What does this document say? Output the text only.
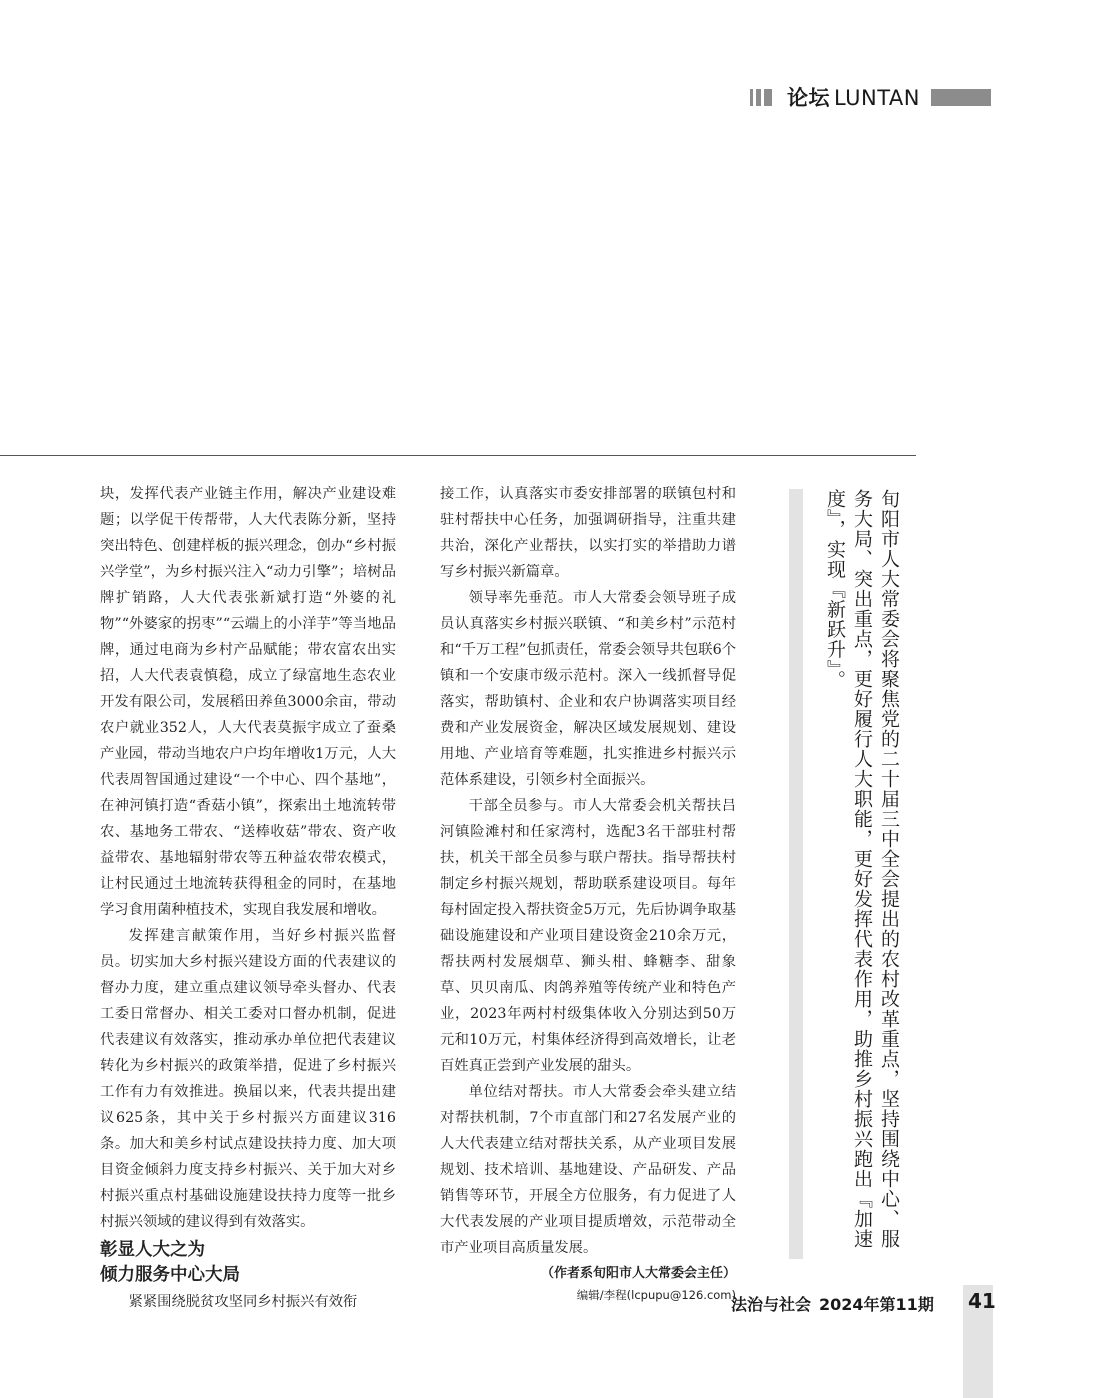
论坛 LUNTAN

块，发挥代表产业链主作用，解决产业建设难题；以学促干传帮带，人大代表陈分新，坚持突出特色、创建样板的振兴理念，创办“乡村振兴学堂”，为乡村振兴注入“动力引擎”；培树品牌扩销路，人大代表张新斌打造“外婆的礼物”“外婆家的拐枣”“云端上的小洋芋”等当地品牌，通过电商为乡村产品赋能；带农富农出实招，人大代表袁慎稳，成立了绿富地生态农业开发有限公司，发展稻田养鱼3000余亩，带动农户就业352人，人大代表莫振宇成立了蚕桑产业园，带动当地农户户均年增收1万元，人大代表周智国通过建设“一个中心、四个基地”，在神河镇打造“香菇小镇”，探索出土地流转带农、基地务工带农、“送棒收菇”带农、资产收益带农、基地辐射带农等五种益农带农模式，让村民通过土地流转获得租金的同时，在基地学习食用菌种植技术，实现自我发展和增收。

发挥建言献策作用，当好乡村振兴监督员。切实加大乡村振兴建设方面的代表建议的督办力度，建立重点建议领导牵头督办、代表工委日常督办、相关工委对口督办机制，促进代表建议有效落实，推动承办单位把代表建议转化为乡村振兴的政策举措，促进了乡村振兴工作有力有效推进。换届以来，代表共提出建议625条，其中关于乡村振兴方面建议316条。加大和美乡村试点建设扶持力度、加大项目资金倾斜力度支持乡村振兴、关于加大对乡村振兴重点村基础设施建设扶持力度等一批乡村振兴领域的建议得到有效落实。

彰显人大之为
倾力服务中心大局

紧紧围绕脱贫攻坚同乡村振兴有效衔

接工作，认真落实市委安排部署的联镇包村和驻村帮扶中心任务，加强调研指导，注重共建共治，深化产业帮扶，以实打实的举措助力谱写乡村振兴新篇章。

领导率先垂范。市人大常委会领导班子成员认真落实乡村振兴联镇、“和美乡村”示范村和“千万工程”包抓责任，常委会领导共包联6个镇和一个安康市级示范村。深入一线抓督导促落实，帮助镇村、企业和农户协调落实项目经费和产业发展资金，解决区域发展规划、建设用地、产业培育等难题，扎实推进乡村振兴示范体系建设，引领乡村全面振兴。

干部全员参与。市人大常委会机关帮扶吕河镇险滩村和任家湾村，选配3名干部驻村帮扶，机关干部全员参与联户帮扶。指导帮扶村制定乡村振兴规划，帮助联系建设项目。每年每村固定投入帮扶资金5万元，先后协调争取基础设施建设和产业项目建设资金210余万元，帮扶两村发展烟草、狮头柑、蜂糖李、甜象草、贝贝南瓜、肉鸽养殖等传统产业和特色产业，2023年两村村级集体收入分别达到50万元和10万元，村集体经济得到高效增长，让老百姓真正尝到产业发展的甜头。

单位结对帮扶。市人大常委会牵头建立结对帮扶机制，7个市直部门和27名发展产业的人大代表建立结对帮扶关系，从产业项目发展规划、技术培训、基地建设、产品研发、产品销售等环节，开展全方位服务，有力促进了人大代表发展的产业项目提质增效，示范带动全市产业项目高质量发展。

（作者系旬阳市人大常委会主任）
编辑/李程(lcpupu@126.com)
旬阳市人大常委会将聚焦党的二十届三中全会提出的农村改革重点，坚持围绕中心、服务大局、突出重点，更好履行人大职能，更好发挥代表作用，助推乡村振兴跑出『加速度』，实现『新跃升』。
法治与社会 2024年第11期 41
